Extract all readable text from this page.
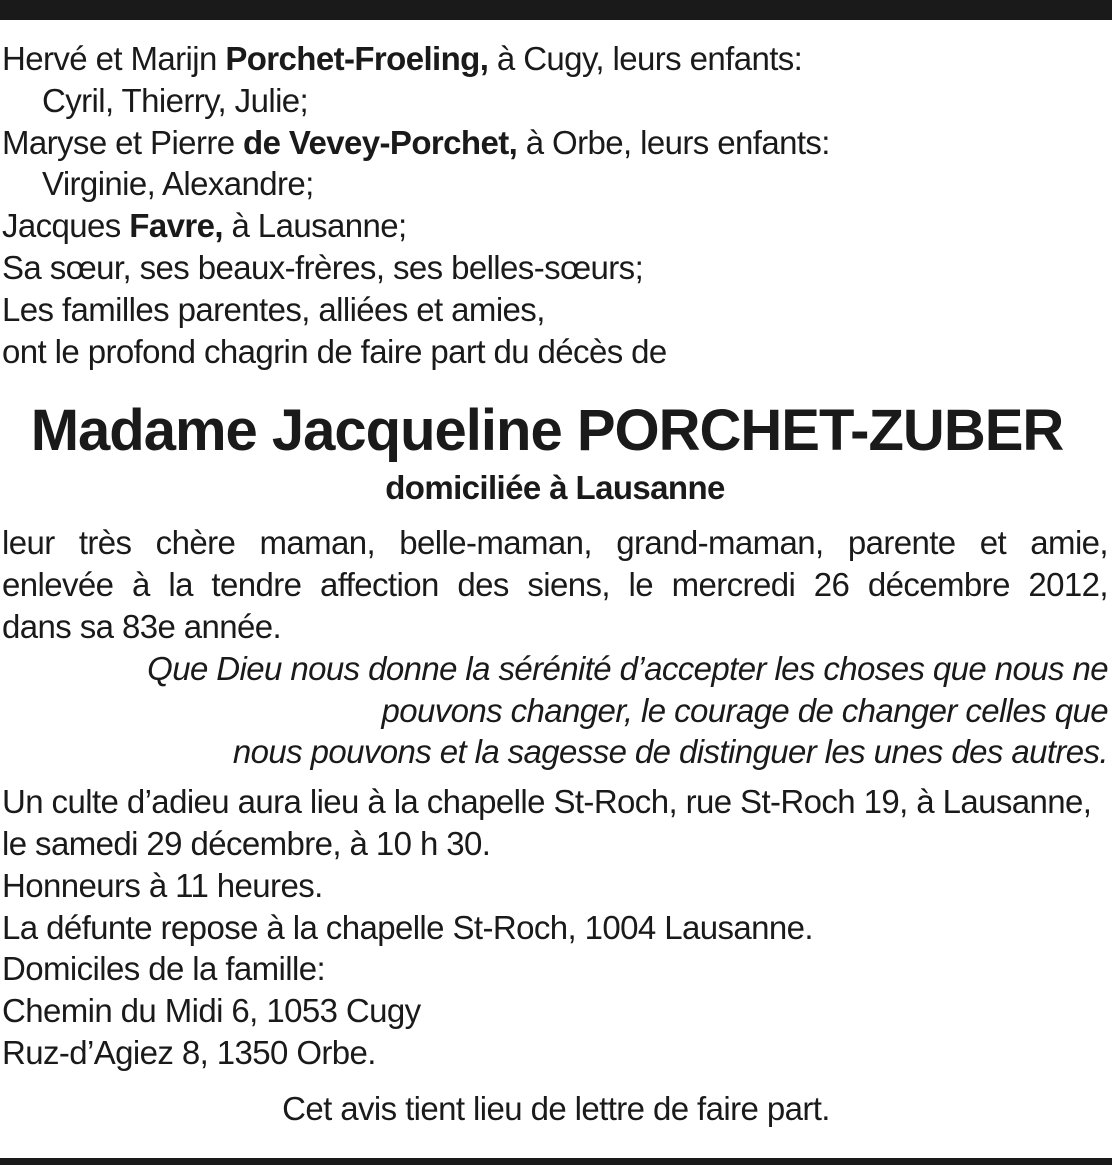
Hervé et Marijn Porchet-Froeling, à Cugy, leurs enfants:
Cyril, Thierry, Julie;
Maryse et Pierre de Vevey-Porchet, à Orbe, leurs enfants:
Virginie, Alexandre;
Jacques Favre, à Lausanne;
Sa sœur, ses beaux-frères, ses belles-sœurs;
Les familles parentes, alliées et amies,
ont le profond chagrin de faire part du décès de
Madame Jacqueline PORCHET-ZUBER
domiciliée à Lausanne
leur très chère maman, belle-maman, grand-maman, parente et amie,
enlevée à la tendre affection des siens, le mercredi 26 décembre 2012,
dans sa 83e année.
Que Dieu nous donne la sérénité d’accepter les choses que nous ne
pouvons changer, le courage de changer celles que
nous pouvons et la sagesse de distinguer les unes des autres.
Un culte d’adieu aura lieu à la chapelle St-Roch, rue St-Roch 19, à Lausanne,
le samedi 29 décembre, à 10 h 30.
Honneurs à 11 heures.
La défunte repose à la chapelle St-Roch, 1004 Lausanne.
Domiciles de la famille:
Chemin du Midi 6, 1053 Cugy
Ruz-d’Agiez 8, 1350 Orbe.
Cet avis tient lieu de lettre de faire part.
